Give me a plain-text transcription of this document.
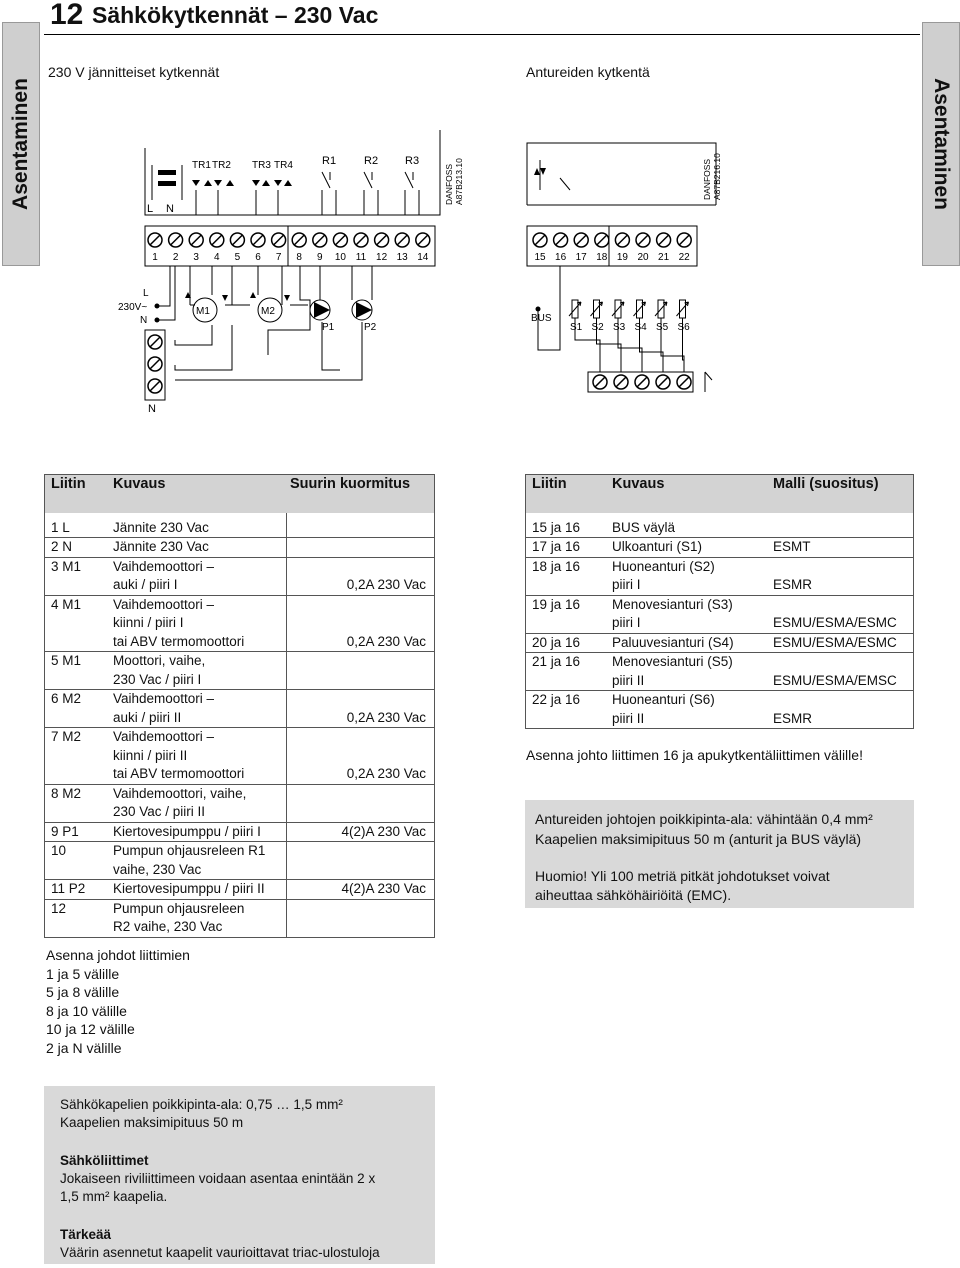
12 Sähkökytkennät – 230 Vac
Asentaminen	Asentaminen
230 V jännitteiset kytkennät	Antureiden kytkentä
L N
TR1 TR2 TR3 TR4	R1	R2 R3
DANFOSS A87B213.10
1 2 3 4 5 6 7 8 9 10 11 12 13 14
L
230V~
N
N
M1	M2
P1	P2
DANFOSS A87B216.10
15 16 17 18 19 20 21 22
BUS
S1 S2 S3 S4 S5 S6
Liitin	Kuvaus	Suurin kuormitus
1 L	Jännite 230 Vac	
2 N	Jännite 230 Vac	
3 M1	Vaihdemoottori –	
	auki / piiri I	0,2A 230 Vac
4 M1	Vaihdemoottori –	
	kiinni / piiri I	
	tai ABV termomoottori	0,2A 230 Vac
5 M1	Moottori, vaihe,	
	230 Vac / piiri I	
6 M2	Vaihdemoottori –	
	auki / piiri II	0,2A 230 Vac
7 M2	Vaihdemoottori –	
	kiinni / piiri II	
	tai ABV termomoottori	0,2A 230 Vac
8 M2	Vaihdemoottori, vaihe,	
	230 Vac / piiri II	
9 P1	Kiertovesipumppu / piiri I	4(2)A 230 Vac
10	Pumpun ohjausreleen R1	
	vaihe, 230 Vac	
11 P2	Kiertovesipumppu / piiri II	4(2)A 230 Vac
12	Pumpun ohjausreleen	
	R2 vaihe, 230 Vac	
Liitin	Kuvaus	Malli (suositus)
15 ja 16	BUS väylä	
17 ja 16	Ulkoanturi (S1)	ESMT
18 ja 16	Huoneanturi (S2)	
	piiri I	ESMR
19 ja 16	Menovesianturi (S3)	
	piiri I	ESMU/ESMA/ESMC
20 ja 16	Paluuvesianturi (S4)	ESMU/ESMA/ESMC
21 ja 16	Menovesianturi (S5)	
	piiri II	ESMU/ESMA/EMSC
22 ja 16	Huoneanturi (S6)	
	piiri II	ESMR
Asenna johto liittimen 16 ja apukytkentäliittimen välille!
Antureiden johtojen poikkipinta-ala: vähintään 0,4 mm²
Kaapelien maksimipituus 50 m (anturit ja BUS väylä)
Huomio! Yli 100 metriä pitkät johdotukset voivat
aiheuttaa sähköhäiriöitä (EMC).
Asenna johdot liittimien
1 ja 5 välille
5 ja 8 välille
8 ja 10 välille
10 ja 12 välille
2 ja N välille
Sähkökapelien poikkipinta-ala: 0,75 … 1,5 mm²
Kaapelien maksimipituus 50 m
Sähköliittimet
Jokaiseen riviliittimeen voidaan asentaa enintään 2 x
1,5 mm² kaapelia.
Tärkeää
Väärin asennetut kaapelit vaurioittavat triac-ulostuloja
